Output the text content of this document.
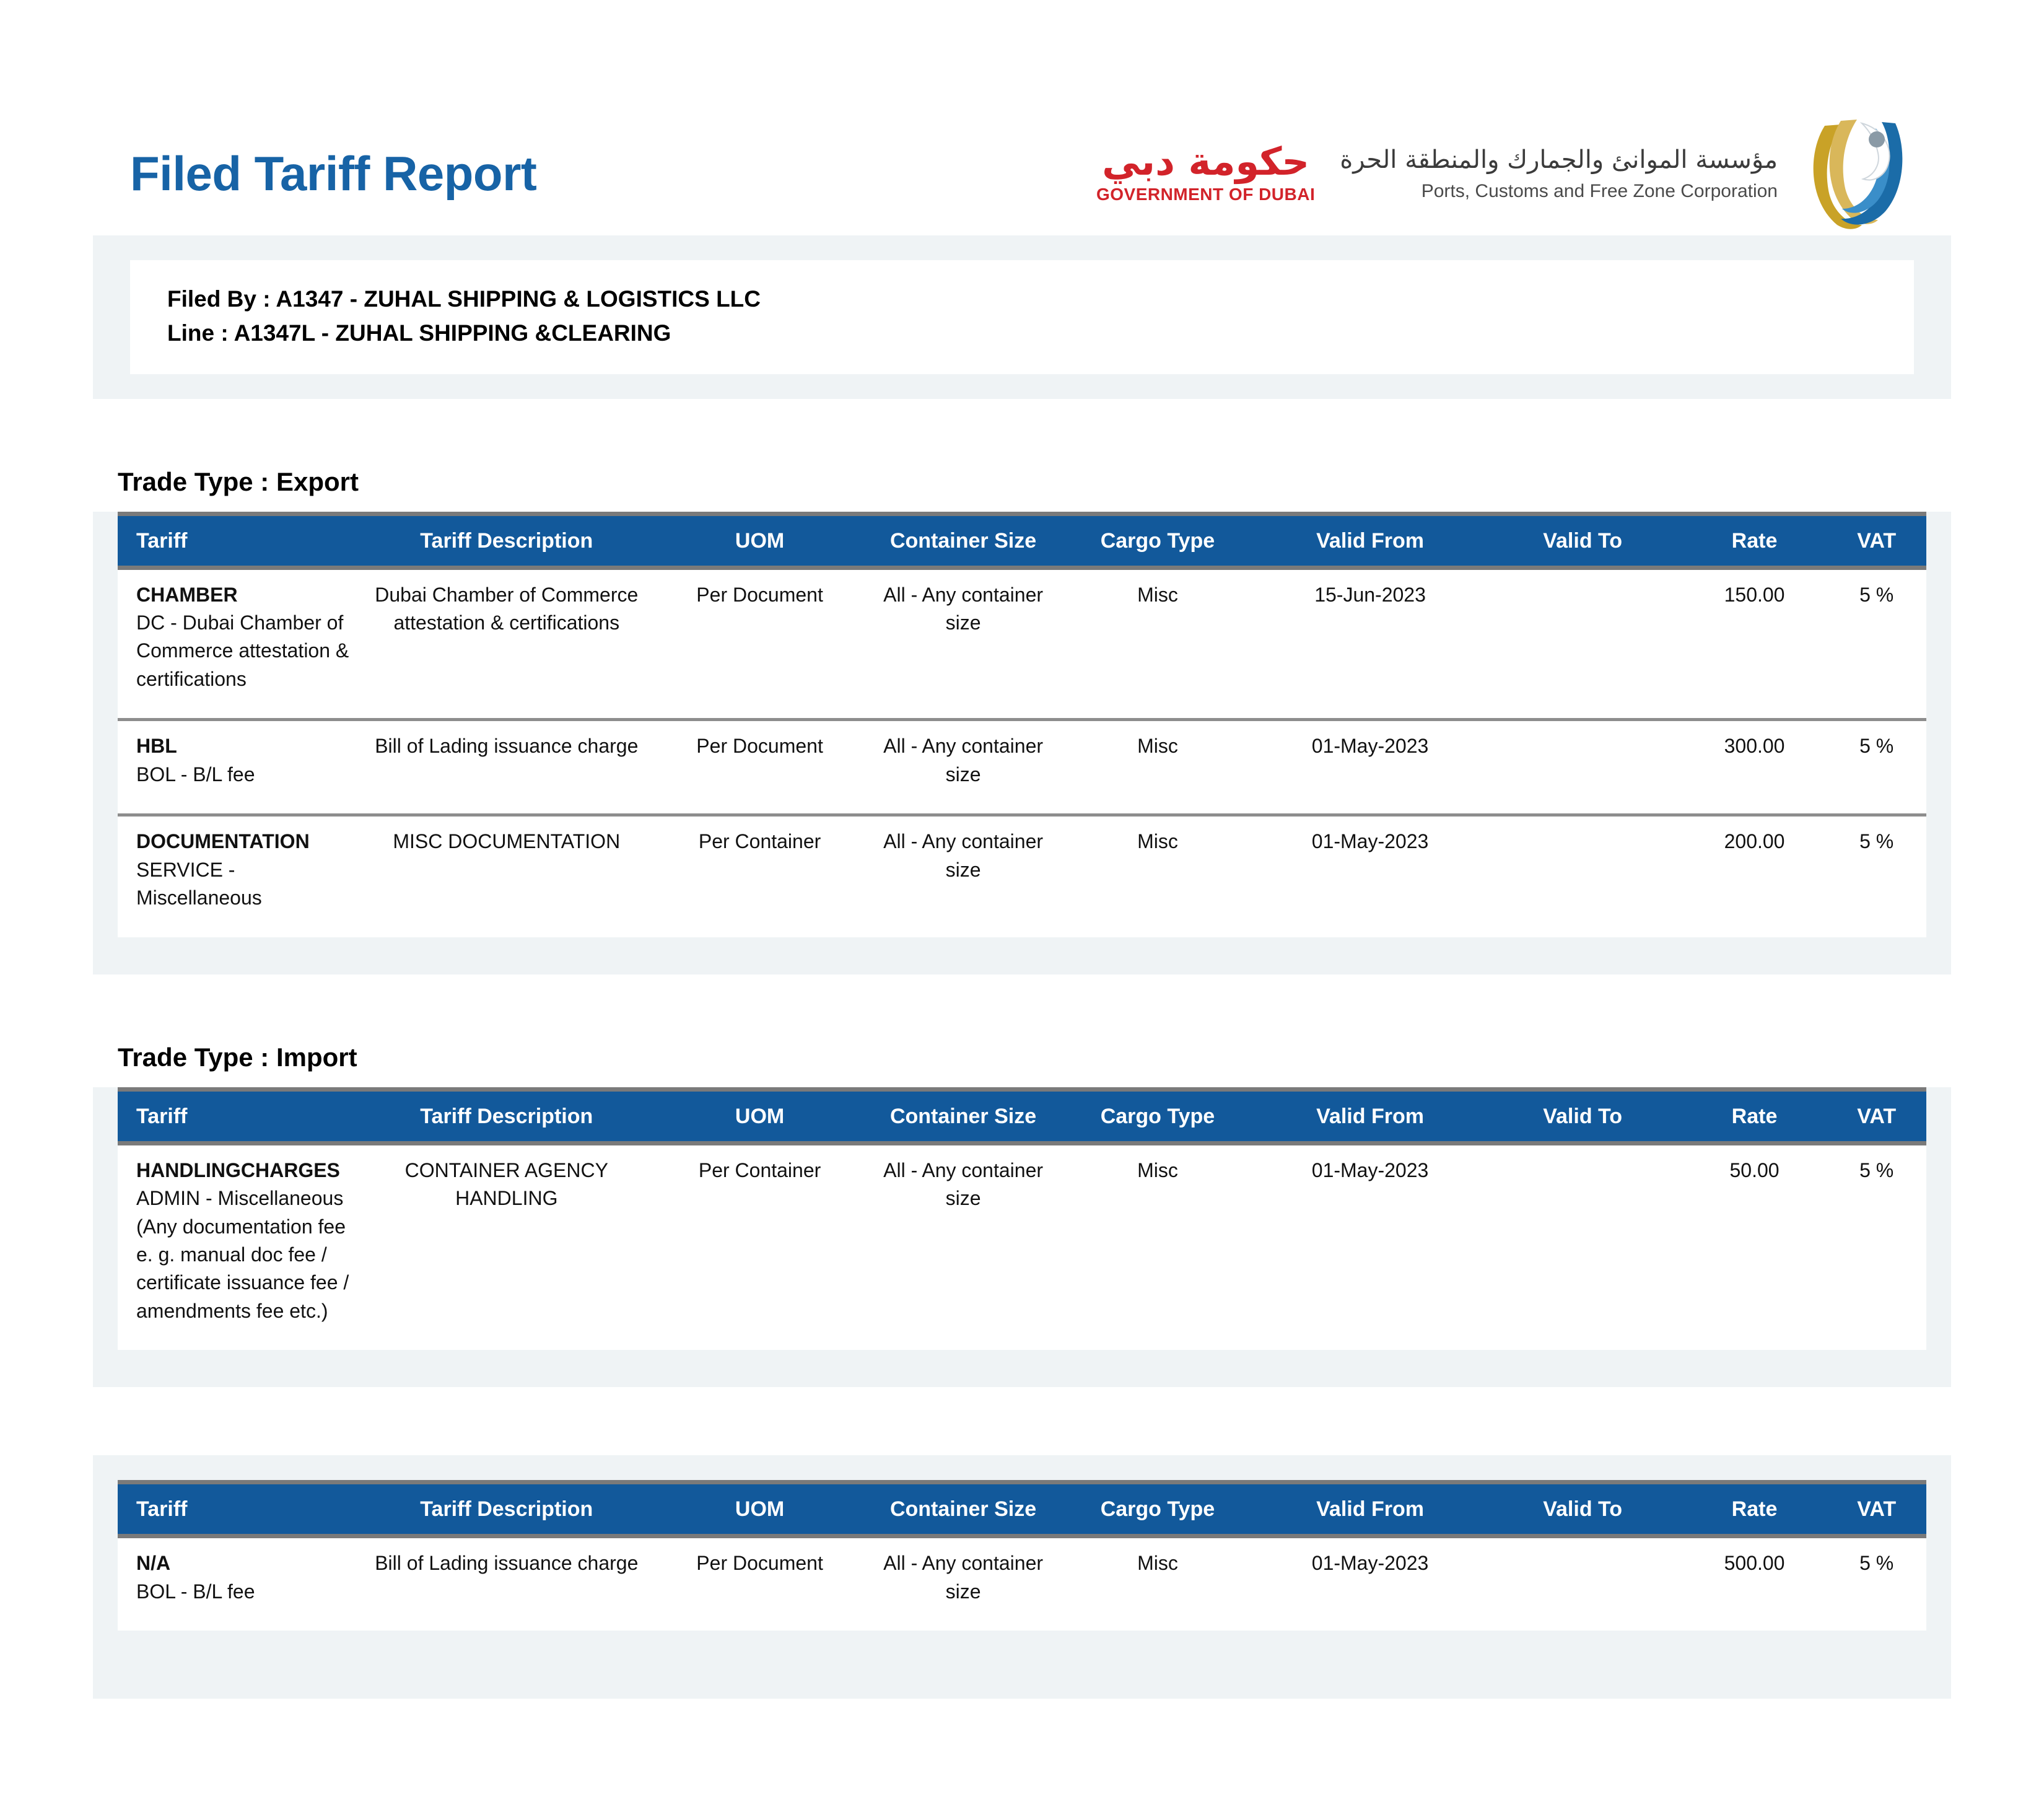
Filed Tariff Report	حكومة دبي
GOVERNMENT OF DUBAI
مؤسسة الموانئ والجمارك والمنطقة الحرة
Ports, Customs and Free Zone Corporation
Filed By : A1347 - ZUHAL SHIPPING & LOGISTICS LLC
Line : A1347L - ZUHAL SHIPPING &CLEARING
Trade Type : Export
Tariff	Tariff Description	UOM	Container Size	Cargo Type	Valid From	Valid To	Rate	VAT

CHAMBER
DC - Dubai Chamber of Commerce attestation & certifications	Dubai Chamber of Commerce attestation & certifications	Per Document	All - Any container size	Misc	15-Jun-2023		150.00	5 %

HBL
BOL - B/L fee	Bill of Lading issuance charge	Per Document	All - Any container size	Misc	01-May-2023		300.00	5 %

DOCUMENTATION
SERVICE - Miscellaneous	MISC DOCUMENTATION	Per Container	All - Any container size	Misc	01-May-2023		200.00	5 %
Trade Type : Import
Tariff	Tariff Description	UOM	Container Size	Cargo Type	Valid From	Valid To	Rate	VAT

HANDLINGCHARGES
ADMIN - Miscellaneous (Any documentation fee e. g. manual doc fee / certificate issuance fee / amendments fee etc.)	CONTAINER AGENCY HANDLING	Per Container	All - Any container size	Misc	01-May-2023		50.00	5 %
Tariff	Tariff Description	UOM	Container Size	Cargo Type	Valid From	Valid To	Rate	VAT

N/A
BOL - B/L fee	Bill of Lading issuance charge	Per Document	All - Any container size	Misc	01-May-2023		500.00	5 %
